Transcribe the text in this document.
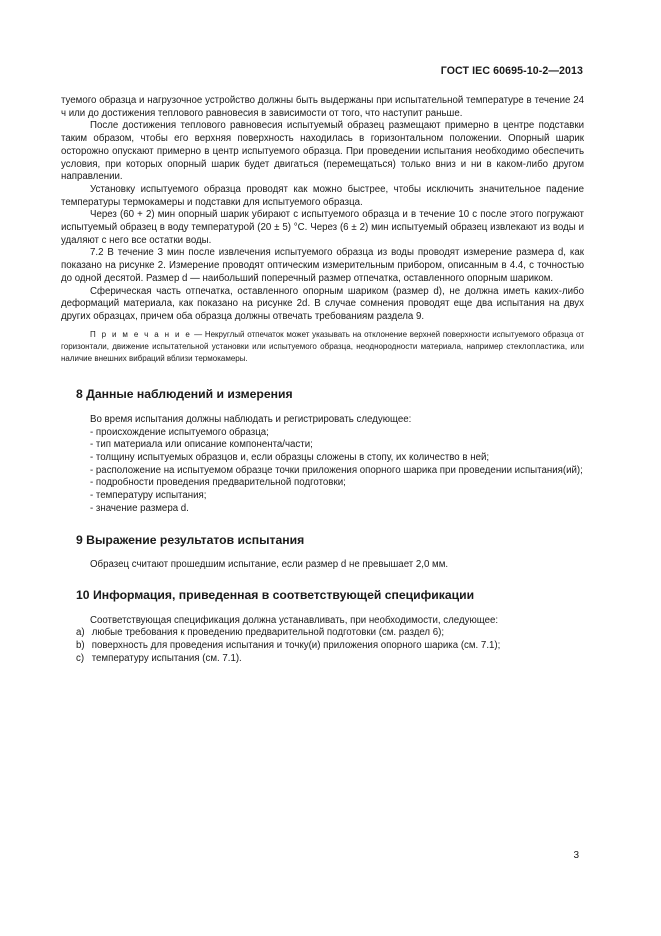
ГОСТ IEC 60695-10-2—2013

туемого образца и нагрузочное устройство должны быть выдержаны при испытательной температуре в течение 24 ч или до достижения теплового равновесия в зависимости от того, что наступит раньше.

После достижения теплового равновесия испытуемый образец размещают примерно в центре подставки таким образом, чтобы его верхняя поверхность находилась в горизонтальном положении. Опорный шарик осторожно опускают примерно в центр испытуемого образца. При проведении испытания необходимо обеспечить условия, при которых опорный шарик будет двигаться (перемещаться) только вниз и ни в каком-либо другом направлении.

Установку испытуемого образца проводят как можно быстрее, чтобы исключить значительное падение температуры термокамеры и подставки для испытуемого образца.

Через (60 + 2) мин опорный шарик убирают с испытуемого образца и в течение 10 с после этого погружают испытуемый образец в воду температурой (20 ± 5) °С. Через (6 ± 2) мин испытуемый образец извлекают из воды и удаляют с него все остатки воды.

7.2 В течение 3 мин после извлечения испытуемого образца из воды проводят измерение размера d, как показано на рисунке 2. Измерение проводят оптическим измерительным прибором, описанным в 4.4, с точностью до одной десятой. Размер d — наибольший поперечный размер отпечатка, оставленного опорным шариком.

Сферическая часть отпечатка, оставленного опорным шариком (размер d), не должна иметь каких-либо деформаций материала, как показано на рисунке 2d. В случае сомнения проводят еще два испытания на двух других образцах, причем оба образца должны отвечать требованиям раздела 9.

П р и м е ч а н и е — Некруглый отпечаток может указывать на отклонение верхней поверхности испытуемого образца от горизонтали, движение испытательной установки или испытуемого образца, неоднородности материала, например стеклопластика, или наличие внешних вибраций вблизи термокамеры.

8 Данные наблюдений и измерения

Во время испытания должны наблюдать и регистрировать следующее:

- происхождение испытуемого образца;

- тип материала или описание компонента/части;

- толщину испытуемых образцов и, если образцы сложены в стопу, их количество в ней;

- расположение на испытуемом образце точки приложения опорного шарика при проведении испытания(ий);

- подробности проведения предварительной подготовки;

- температуру испытания;

- значение размера d.

9 Выражение результатов испытания

Образец считают прошедшим испытание, если размер d не превышает 2,0 мм.

10 Информация, приведенная в соответствующей спецификации

Соответствующая спецификация должна устанавливать, при необходимости, следующее:

a) любые требования к проведению предварительной подготовки (см. раздел 6);

b) поверхность для проведения испытания и точку(и) приложения опорного шарика (см. 7.1);

c) температуру испытания (см. 7.1).

3
